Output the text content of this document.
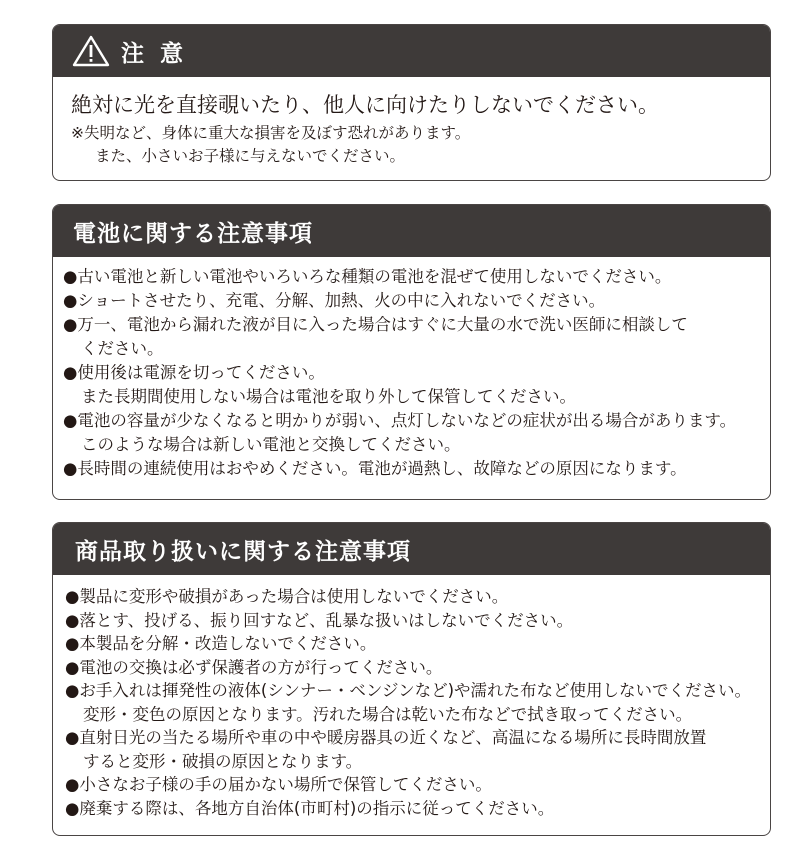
注 意
絶対に光を直接覗いたり、他人に向けたりしないでください。
※失明など、身体に重大な損害を及ぼす恐れがあります。
また、小さいお子様に与えないでください。
電池に関する注意事項
●古い電池と新しい電池やいろいろな種類の電池を混ぜて使用しないでください。
●ショートさせたり、充電、分解、加熱、火の中に入れないでください。
●万一、電池から漏れた液が目に入った場合はすぐに大量の水で洗い医師に相談して
ください。
●使用後は電源を切ってください。
また長期間使用しない場合は電池を取り外して保管してください。
●電池の容量が少なくなると明かりが弱い、点灯しないなどの症状が出る場合があります。
このような場合は新しい電池と交換してください。
●長時間の連続使用はおやめください。電池が過熱し、故障などの原因になります。
商品取り扱いに関する注意事項
●製品に変形や破損があった場合は使用しないでください。
●落とす、投げる、振り回すなど、乱暴な扱いはしないでください。
●本製品を分解・改造しないでください。
●電池の交換は必ず保護者の方が行ってください。
●お手入れは揮発性の液体(シンナー・ベンジンなど)や濡れた布など使用しないでください。
変形・変色の原因となります。汚れた場合は乾いた布などで拭き取ってください。
●直射日光の当たる場所や車の中や暖房器具の近くなど、高温になる場所に長時間放置
すると変形・破損の原因となります。
●小さなお子様の手の届かない場所で保管してください。
●廃棄する際は、各地方自治体(市町村)の指示に従ってください。
